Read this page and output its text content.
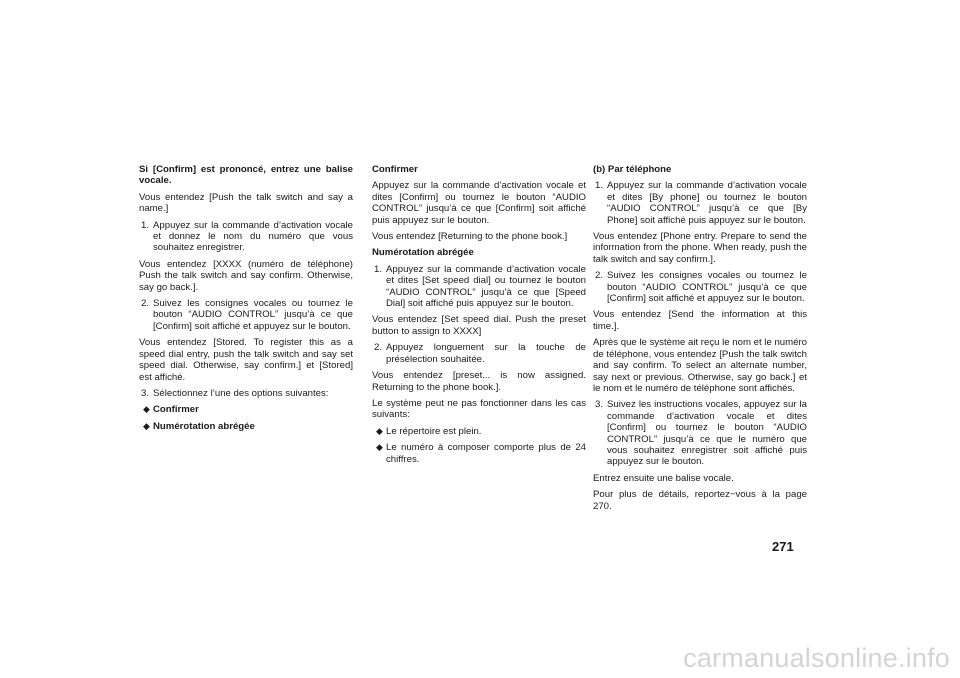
Si [Confirm] est prononcé, entrez une balise vocale.

Vous entendez [Push the talk switch and say a name.]

1. Appuyez sur la commande d’activation vocale et donnez le nom du numéro que vous souhaitez enregistrer.

Vous entendez [XXXX (numéro de téléphone) Push the talk switch and say confirm. Otherwise, say go back.].

2. Suivez les consignes vocales ou tournez le bouton “AUDIO CONTROL” jusqu’à ce que [Confirm] soit affiché et appuyez sur le bouton.

Vous entendez [Stored. To register this as a speed dial entry, push the talk switch and say set speed dial. Otherwise, say confirm.] et [Stored] est affiché.

3. Sélectionnez l’une des options suivantes:
◆ Confirmer
◆ Numérotation abrégée

Confirmer

Appuyez sur la commande d’activation vocale et dites [Confirm] ou tournez le bouton “AUDIO CONTROL” jusqu’à ce que [Confirm] soit affiché puis appuyez sur le bouton.

Vous entendez [Returning to the phone book.]

Numérotation abrégée

1. Appuyez sur la commande d’activation vocale et dites [Set speed dial] ou tournez le bouton “AUDIO CONTROL” jusqu’à ce que [Speed Dial] soit affiché puis appuyez sur le bouton.

Vous entendez [Set speed dial. Push the preset button to assign to XXXX]

2. Appuyez longuement sur la touche de présélection souhaitée.

Vous entendez [preset... is now assigned. Returning to the phone book.].

Le système peut ne pas fonctionner dans les cas suivants:

◆ Le répertoire est plein.
◆ Le numéro à composer comporte plus de 24 chiffres.

(b) Par téléphone

1. Appuyez sur la commande d’activation vocale et dites [By phone] ou tournez le bouton “AUDIO CONTROL” jusqu’à ce que [By Phone] soit affiché puis appuyez sur le bouton.

Vous entendez [Phone entry. Prepare to send the information from the phone. When ready, push the talk switch and say confirm.].

2. Suivez les consignes vocales ou tournez le bouton “AUDIO CONTROL” jusqu’à ce que [Confirm] soit affiché et appuyez sur le bouton.

Vous entendez [Send the information at this time.].

Après que le système ait reçu le nom et le numéro de téléphone, vous entendez [Push the talk switch and say confirm. To select an alternate number, say next or previous. Otherwise, say go back.] et le nom et le numéro de téléphone sont affichés.

3. Suivez les instructions vocales, appuyez sur la commande d’activation vocale et dites [Confirm] ou tournez le bouton “AUDIO CONTROL” jusqu’à ce que le numéro que vous souhaitez enregistrer soit affiché puis appuyez sur le bouton.

Entrez ensuite une balise vocale.

Pour plus de détails, reportez−vous à la page 270.

271
carmanualsonline.info
